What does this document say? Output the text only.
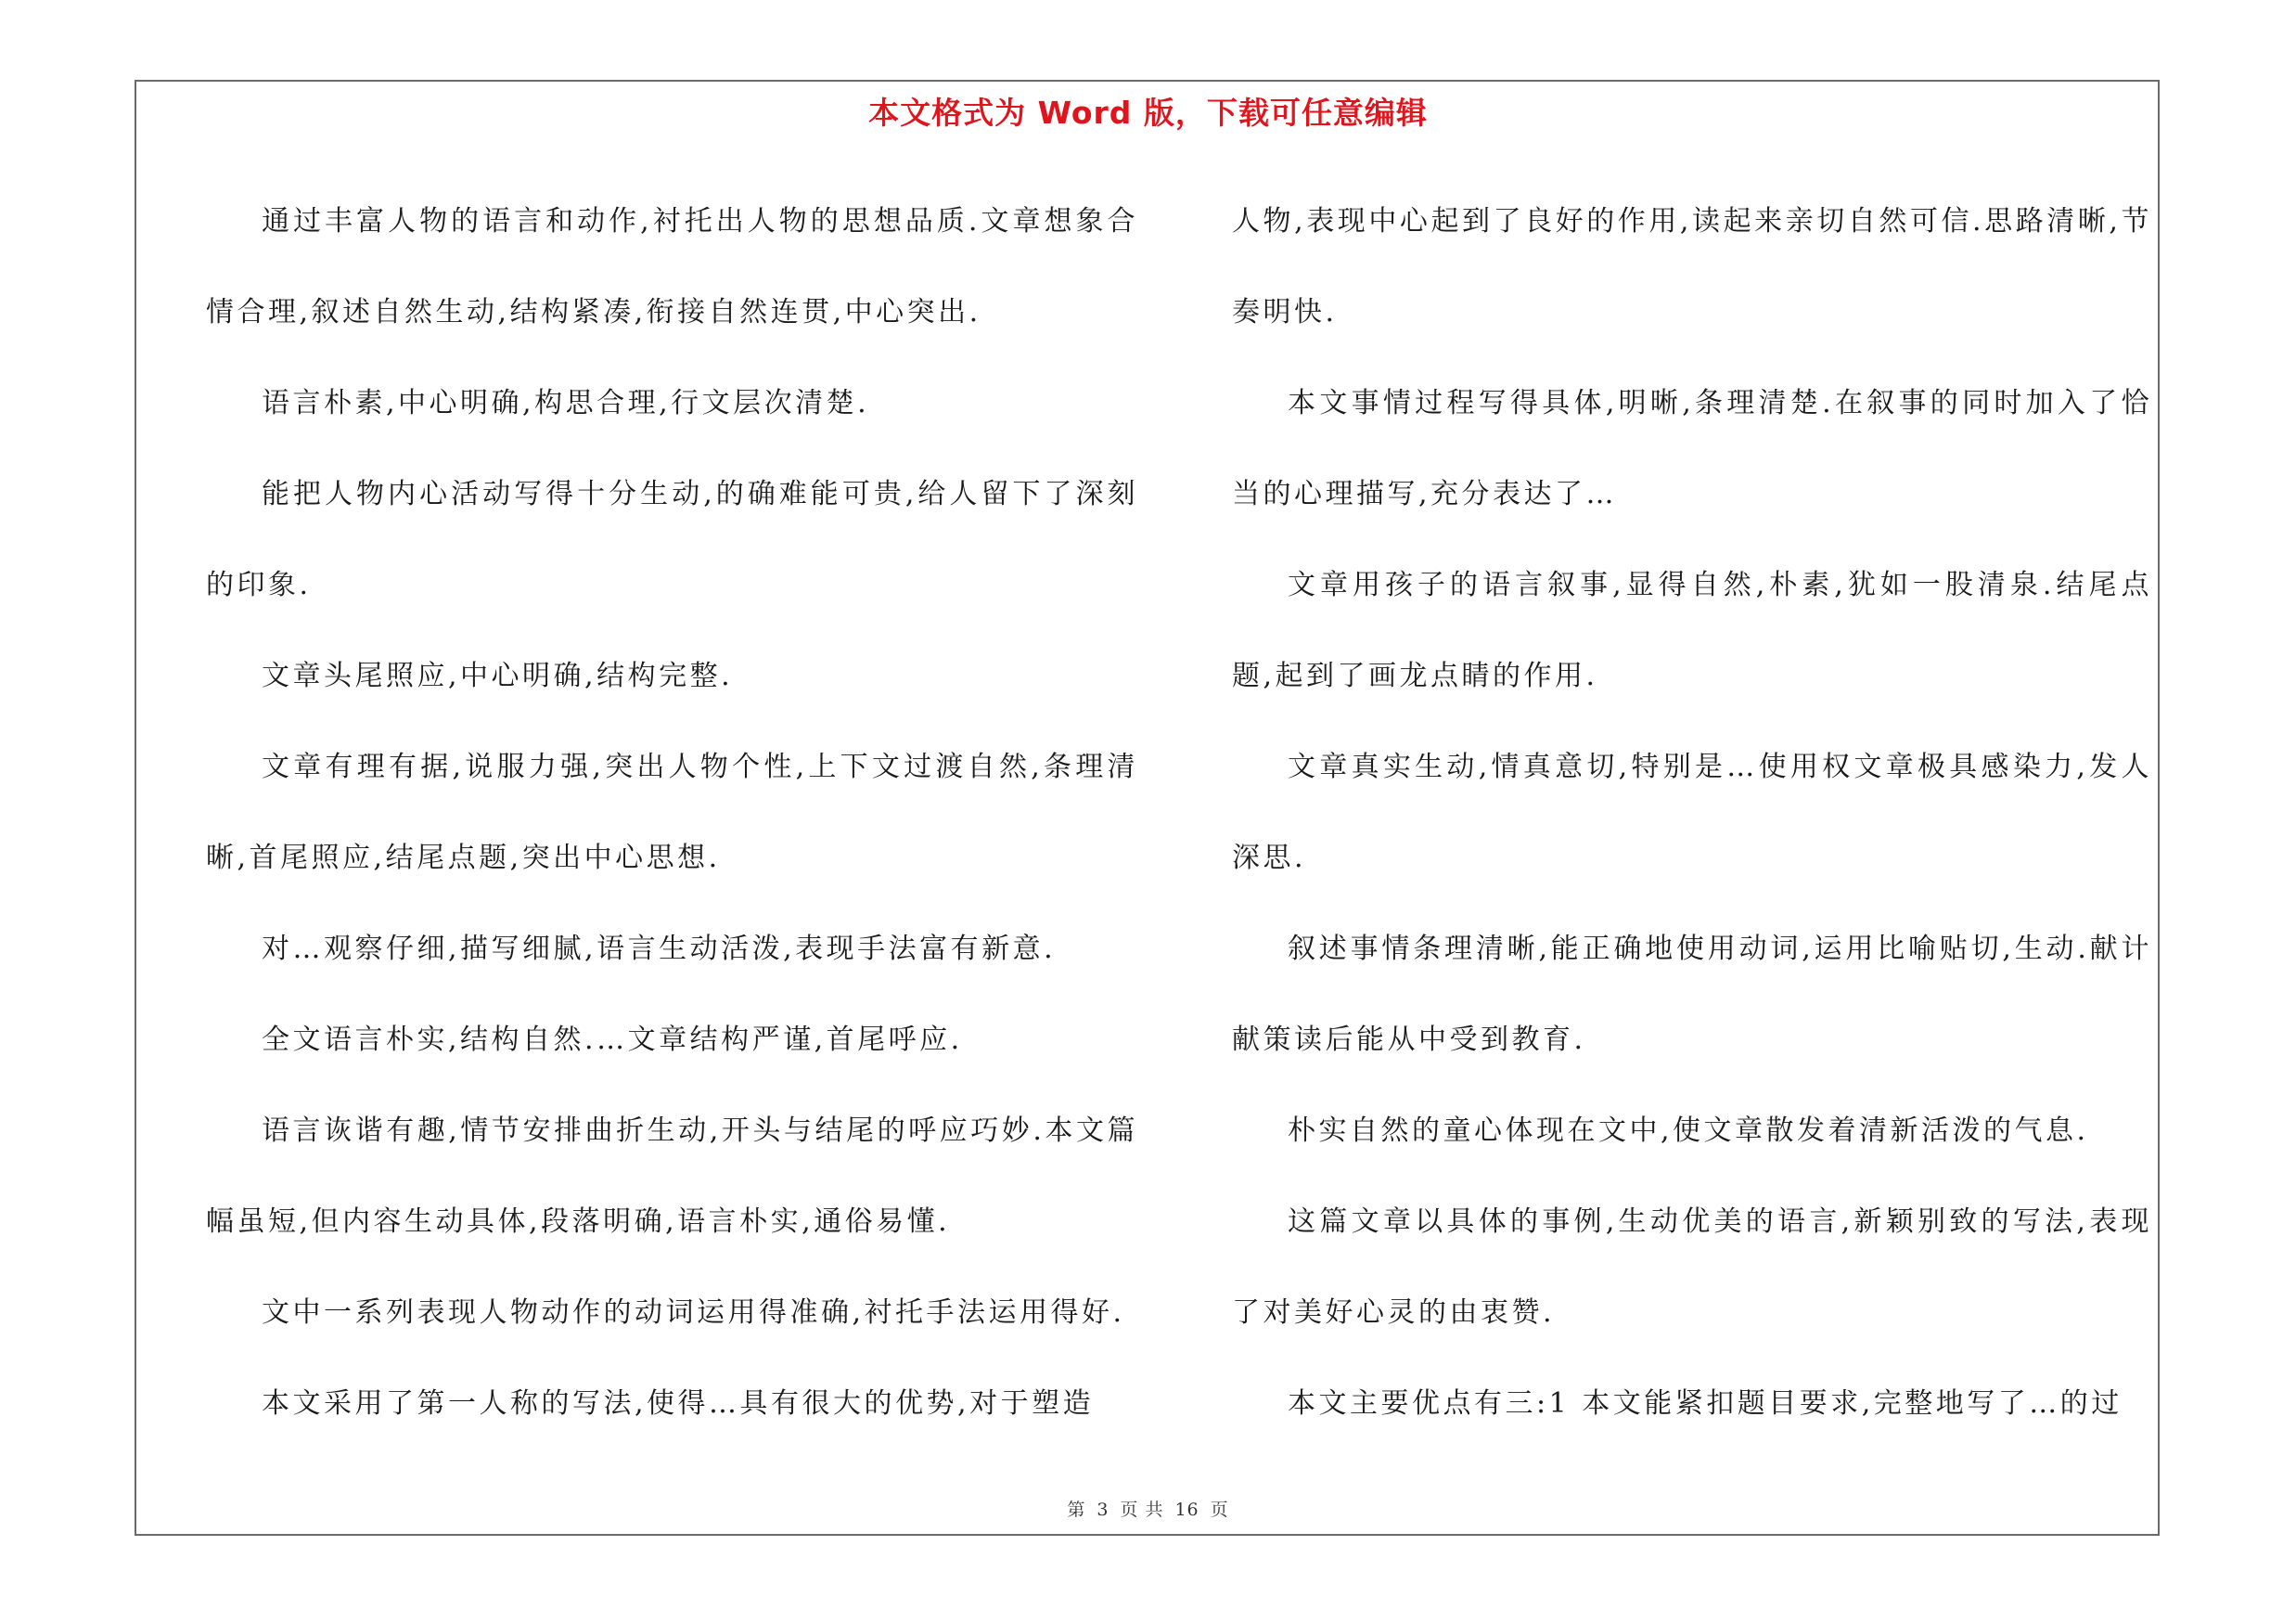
本文格式为 Word 版，下载可任意编辑

通过丰富人物的语言和动作,衬托出人物的思想品质.文章想象合情合理,叙述自然生动,结构紧凑,衔接自然连贯,中心突出.

语言朴素,中心明确,构思合理,行文层次清楚.

能把人物内心活动写得十分生动,的确难能可贵,给人留下了深刻的印象.

文章头尾照应,中心明确,结构完整.

文章有理有据,说服力强,突出人物个性,上下文过渡自然,条理清晰,首尾照应,结尾点题,突出中心思想.

对…观察仔细,描写细腻,语言生动活泼,表现手法富有新意.

全文语言朴实,结构自然.…文章结构严谨,首尾呼应.

语言诙谐有趣,情节安排曲折生动,开头与结尾的呼应巧妙.本文篇幅虽短,但内容生动具体,段落明确,语言朴实,通俗易懂.

文中一系列表现人物动作的动词运用得准确,衬托手法运用得好.

本文采用了第一人称的写法,使得…具有很大的优势,对于塑造

人物,表现中心起到了良好的作用,读起来亲切自然可信.思路清晰,节奏明快.

本文事情过程写得具体,明晰,条理清楚.在叙事的同时加入了恰当的心理描写,充分表达了…

文章用孩子的语言叙事,显得自然,朴素,犹如一股清泉.结尾点题,起到了画龙点睛的作用.

文章真实生动,情真意切,特别是…使用权文章极具感染力,发人深思.

叙述事情条理清晰,能正确地使用动词,运用比喻贴切,生动.献计献策读后能从中受到教育.

朴实自然的童心体现在文中,使文章散发着清新活泼的气息.

这篇文章以具体的事例,生动优美的语言,新颖别致的写法,表现了对美好心灵的由衷赞.

本文主要优点有三:1 本文能紧扣题目要求,完整地写了…的过

第 3 页 共 16 页
